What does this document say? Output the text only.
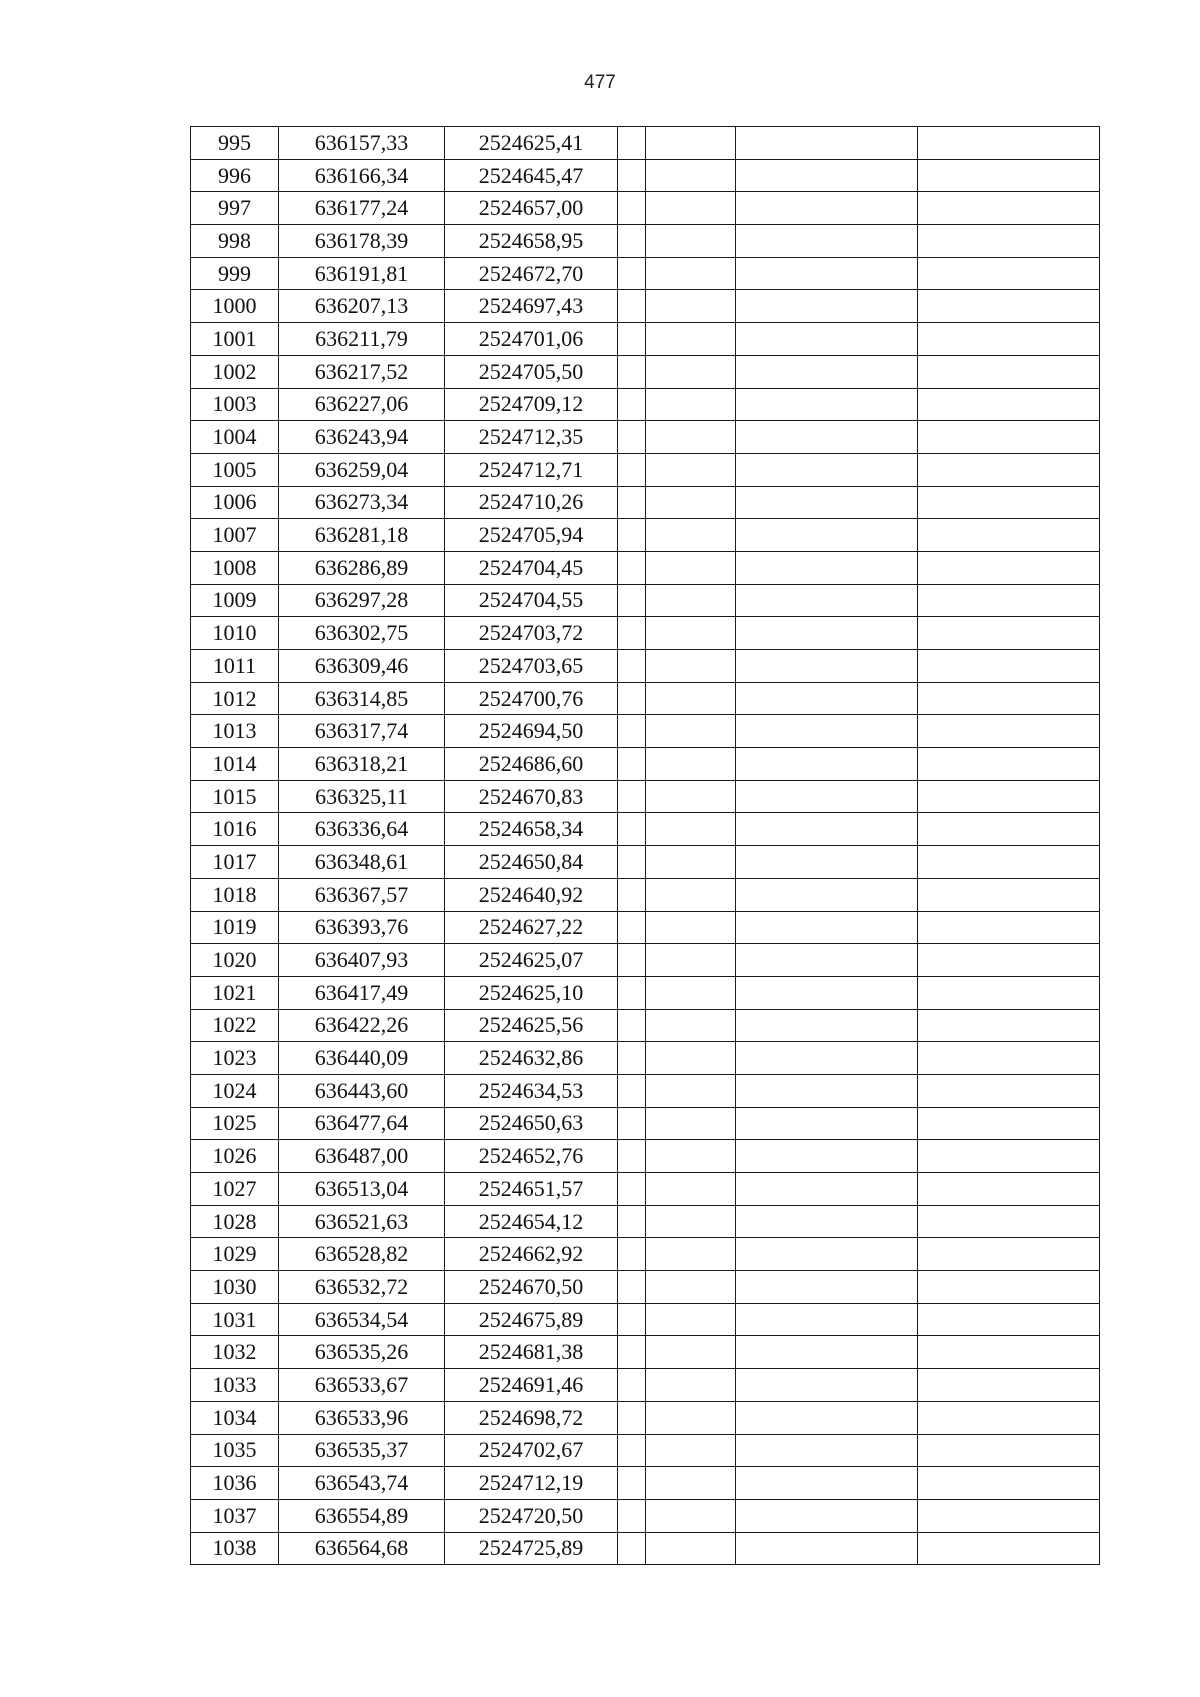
477
995	636157,33	2524625,41				
996	636166,34	2524645,47				
997	636177,24	2524657,00				
998	636178,39	2524658,95				
999	636191,81	2524672,70				
1000	636207,13	2524697,43				
1001	636211,79	2524701,06				
1002	636217,52	2524705,50				
1003	636227,06	2524709,12				
1004	636243,94	2524712,35				
1005	636259,04	2524712,71				
1006	636273,34	2524710,26				
1007	636281,18	2524705,94				
1008	636286,89	2524704,45				
1009	636297,28	2524704,55				
1010	636302,75	2524703,72				
1011	636309,46	2524703,65				
1012	636314,85	2524700,76				
1013	636317,74	2524694,50				
1014	636318,21	2524686,60				
1015	636325,11	2524670,83				
1016	636336,64	2524658,34				
1017	636348,61	2524650,84				
1018	636367,57	2524640,92				
1019	636393,76	2524627,22				
1020	636407,93	2524625,07				
1021	636417,49	2524625,10				
1022	636422,26	2524625,56				
1023	636440,09	2524632,86				
1024	636443,60	2524634,53				
1025	636477,64	2524650,63				
1026	636487,00	2524652,76				
1027	636513,04	2524651,57				
1028	636521,63	2524654,12				
1029	636528,82	2524662,92				
1030	636532,72	2524670,50				
1031	636534,54	2524675,89				
1032	636535,26	2524681,38				
1033	636533,67	2524691,46				
1034	636533,96	2524698,72				
1035	636535,37	2524702,67				
1036	636543,74	2524712,19				
1037	636554,89	2524720,50				
1038	636564,68	2524725,89				
